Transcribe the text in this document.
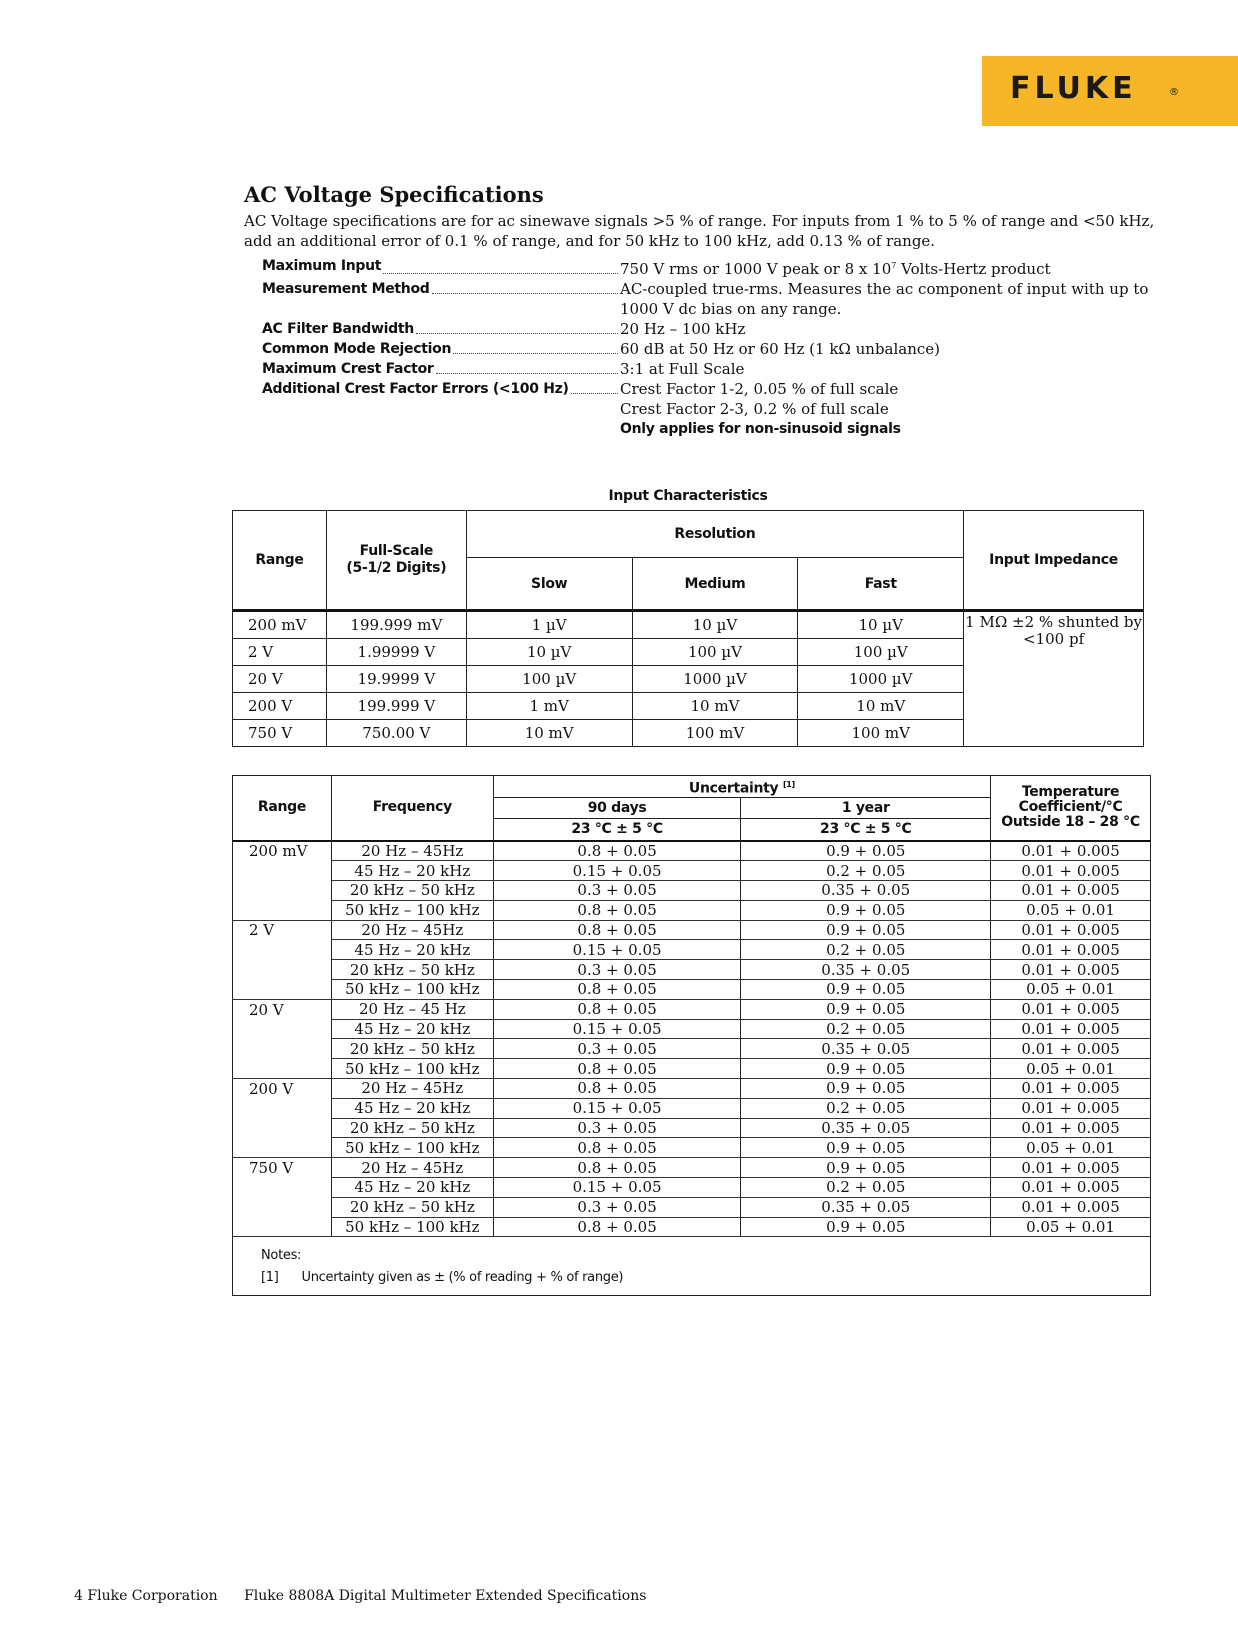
FLUKE	®
AC Voltage Specifications

AC Voltage specifications are for ac sinewave signals >5 % of range. For inputs from 1 % to 5 % of range and <50 kHz, add an additional error of 0.1 % of range, and for 50 kHz to 100 kHz, add 0.13 % of range.

Maximum Input	750 V rms or 1000 V peak or 8 x $10^7$ Volts-Hertz product
Measurement Method	AC-coupled true-rms. Measures the ac component of input with up to
1000 V dc bias on any range.
AC Filter Bandwidth	20 Hz – 100 kHz
Common Mode Rejection	60 dB at 50 Hz or 60 Hz (1 kΩ unbalance)
Maximum Crest Factor	3:1 at Full Scale
Additional Crest Factor Errors (<100 Hz)	Crest Factor 1-2, 0.05 % of full scale
Crest Factor 2-3, 0.2 % of full scale
Only applies for non-sinusoid signals
Input Characteristics
Range	Full-Scale
(5-1/2 Digits)	Resolution			Input Impedance
		Slow	Medium	Fast	
200 mV	199.999 mV	1 µV	10 µV	10 µV	1 MΩ ±2 % shunted by
<100 pf
2 V	1.99999 V	10 µV	100 µV	100 µV	
20 V	19.9999 V	100 µV	1000 µV	1000 µV	
200 V	199.999 V	1 mV	10 mV	10 mV	
750 V	750.00 V	10 mV	100 mV	100 mV	
Range	Frequency	Uncertainty [1]		Temperature
Coefficient/°C
Outside 18 – 28 °C
		90 days	1 year	
		23 °C ± 5 °C	23 °C ± 5 °C	
200 mV	20 Hz – 45Hz	0.8 + 0.05	0.9 + 0.05	0.01 + 0.005
	45 Hz – 20 kHz	0.15 + 0.05	0.2 + 0.05	0.01 + 0.005
	20 kHz – 50 kHz	0.3 + 0.05	0.35 + 0.05	0.01 + 0.005
	50 kHz – 100 kHz	0.8 + 0.05	0.9 + 0.05	0.05 + 0.01
2 V	20 Hz – 45Hz	0.8 + 0.05	0.9 + 0.05	0.01 + 0.005
	45 Hz – 20 kHz	0.15 + 0.05	0.2 + 0.05	0.01 + 0.005
	20 kHz – 50 kHz	0.3 + 0.05	0.35 + 0.05	0.01 + 0.005
	50 kHz – 100 kHz	0.8 + 0.05	0.9 + 0.05	0.05 + 0.01
20 V	20 Hz – 45 Hz	0.8 + 0.05	0.9 + 0.05	0.01 + 0.005
	45 Hz – 20 kHz	0.15 + 0.05	0.2 + 0.05	0.01 + 0.005
	20 kHz – 50 kHz	0.3 + 0.05	0.35 + 0.05	0.01 + 0.005
	50 kHz – 100 kHz	0.8 + 0.05	0.9 + 0.05	0.05 + 0.01
200 V	20 Hz – 45Hz	0.8 + 0.05	0.9 + 0.05	0.01 + 0.005
	45 Hz – 20 kHz	0.15 + 0.05	0.2 + 0.05	0.01 + 0.005
	20 kHz – 50 kHz	0.3 + 0.05	0.35 + 0.05	0.01 + 0.005
	50 kHz – 100 kHz	0.8 + 0.05	0.9 + 0.05	0.05 + 0.01
750 V	20 Hz – 45Hz	0.8 + 0.05	0.9 + 0.05	0.01 + 0.005
	45 Hz – 20 kHz	0.15 + 0.05	0.2 + 0.05	0.01 + 0.005
	20 kHz – 50 kHz	0.3 + 0.05	0.35 + 0.05	0.01 + 0.005
	50 kHz – 100 kHz	0.8 + 0.05	0.9 + 0.05	0.05 + 0.01

Notes:
[1]      Uncertainty given as ± (% of reading + % of range)				
4 Fluke Corporation Fluke 8808A Digital Multimeter Extended Specifications
